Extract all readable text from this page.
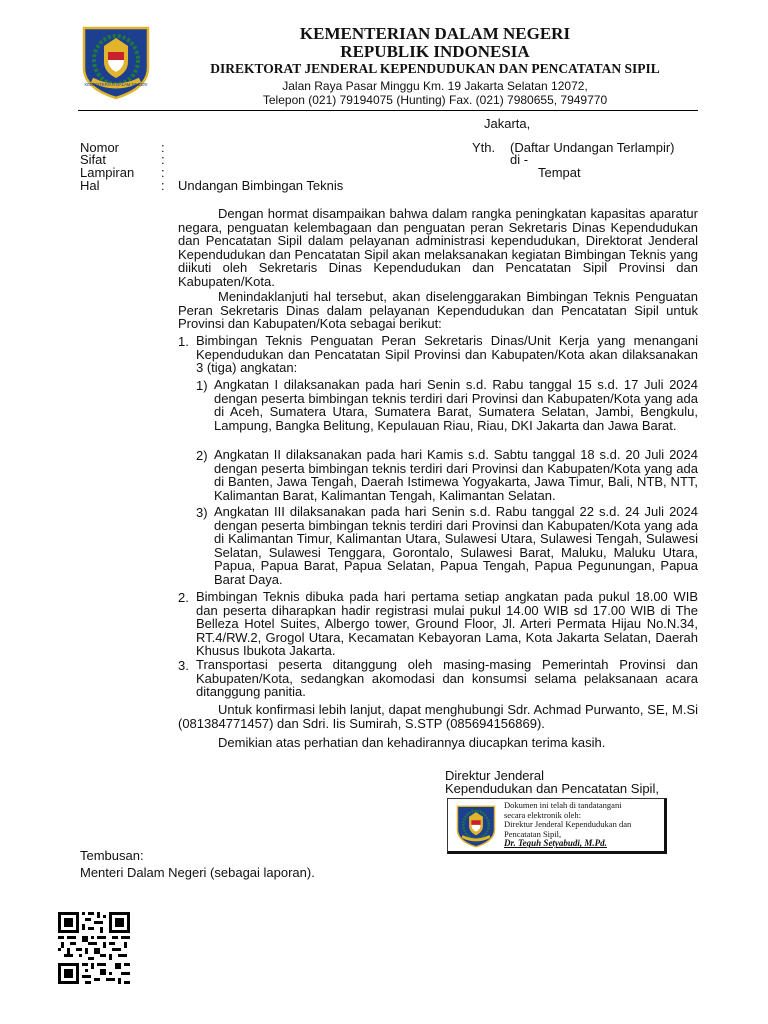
KEMENTERIAN DALAM NEGERI
KEMENTERIAN DALAM NEGERI
REPUBLIK INDONESIA
DIREKTORAT JENDERAL KEPENDUDUKAN DAN PENCATATAN SIPIL
Jalan Raya Pasar Minggu Km. 19 Jakarta Selatan 12072,
Telepon (021) 79194075 (Hunting) Fax. (021) 7980655, 7949770
Jakarta,
Nomor
Sifat
Lampiran
Hal
:
:
:
: Undangan Bimbingan Teknis
Yth. (Daftar Undangan Terlampir)
di -
Tempat
Dengan hormat disampaikan bahwa dalam rangka peningkatan kapasitas aparatur negara, penguatan kelembagaan dan penguatan peran Sekretaris Dinas Kependudukan dan Pencatatan Sipil dalam pelayanan administrasi kependudukan, Direktorat Jenderal Kependudukan dan Pencatatan Sipil akan melaksanakan kegiatan Bimbingan Teknis yang diikuti oleh Sekretaris Dinas Kependudukan dan Pencatatan Sipil Provinsi dan Kabupaten/Kota.
Menindaklanjuti hal tersebut, akan diselenggarakan Bimbingan Teknis Penguatan Peran Sekretaris Dinas dalam pelayanan Kependudukan dan Pencatatan Sipil untuk Provinsi dan Kabupaten/Kota sebagai berikut:
1. Bimbingan Teknis Penguatan Peran Sekretaris Dinas/Unit Kerja yang menangani Kependudukan dan Pencatatan Sipil Provinsi dan Kabupaten/Kota akan dilaksanakan 3 (tiga) angkatan:
1) Angkatan I dilaksanakan pada hari Senin s.d. Rabu tanggal 15 s.d. 17 Juli 2024 dengan peserta bimbingan teknis terdiri dari Provinsi dan Kabupaten/Kota yang ada di Aceh, Sumatera Utara, Sumatera Barat, Sumatera Selatan, Jambi, Bengkulu, Lampung, Bangka Belitung, Kepulauan Riau, Riau, DKI Jakarta dan Jawa Barat.
2) Angkatan II dilaksanakan pada hari Kamis s.d. Sabtu tanggal 18 s.d. 20 Juli 2024 dengan peserta bimbingan teknis terdiri dari Provinsi dan Kabupaten/Kota yang ada di Banten, Jawa Tengah, Daerah Istimewa Yogyakarta, Jawa Timur, Bali, NTB, NTT, Kalimantan Barat, Kalimantan Tengah, Kalimantan Selatan.
3) Angkatan III dilaksanakan pada hari Senin s.d. Rabu tanggal 22 s.d. 24 Juli 2024 dengan peserta bimbingan teknis terdiri dari Provinsi dan Kabupaten/Kota yang ada di Kalimantan Timur, Kalimantan Utara, Sulawesi Utara, Sulawesi Tengah, Sulawesi Selatan, Sulawesi Tenggara, Gorontalo, Sulawesi Barat, Maluku, Maluku Utara, Papua, Papua Barat, Papua Selatan, Papua Tengah, Papua Pegunungan, Papua Barat Daya.
2. Bimbingan Teknis dibuka pada hari pertama setiap angkatan pada pukul 18.00 WIB dan peserta diharapkan hadir registrasi mulai pukul 14.00 WIB sd 17.00 WIB di The Belleza Hotel Suites, Albergo tower, Ground Floor, Jl. Arteri Permata Hijau No.N.34, RT.4/RW.2, Grogol Utara, Kecamatan Kebayoran Lama, Kota Jakarta Selatan, Daerah Khusus Ibukota Jakarta.
3. Transportasi peserta ditanggung oleh masing-masing Pemerintah Provinsi dan Kabupaten/Kota, sedangkan akomodasi dan konsumsi selama pelaksanaan acara ditanggung panitia.
Untuk konfirmasi lebih lanjut, dapat menghubungi Sdr. Achmad Purwanto, SE, M.Si (081384771457) dan Sdri. Iis Sumirah, S.STP (085694156869).
Demikian atas perhatian dan kehadirannya diucapkan terima kasih.
Direktur Jenderal
Kependudukan dan Pencatatan Sipil,
Dokumen ini telah di tandatangani
secara elektronik oleh:
Direktur Jenderal Kependudukan dan
Pencatatan Sipil,
Dr. Teguh Setyabudi, M.Pd.
Tembusan:
Menteri Dalam Negeri (sebagai laporan).
